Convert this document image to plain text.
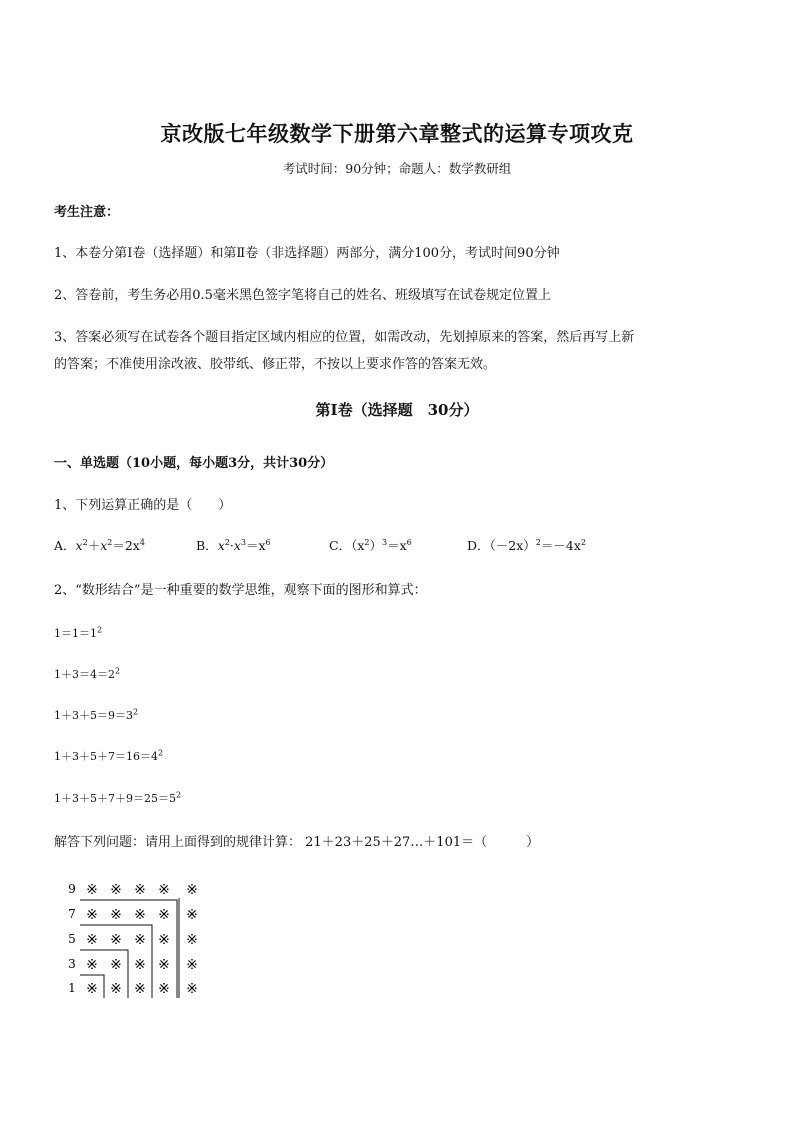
京改版七年级数学下册第六章整式的运算专项攻克
考试时间：90分钟；命题人：数学教研组
考生注意：
1、本卷分第Ⅰ卷（选择题）和第Ⅱ卷（非选择题）两部分，满分100分，考试时间90分钟
2、答卷前，考生务必用0.5毫米黑色签字笔将自己的姓名、班级填写在试卷规定位置上
3、答案必须写在试卷各个题目指定区域内相应的位置，如需改动，先划掉原来的答案，然后再写上新
的答案；不准使用涂改液、胶带纸、修正带，不按以上要求作答的答案无效。
第Ⅰ卷（选择题　30分）
一、单选题（10小题，每小题3分，共计30分）
1、下列运算正确的是（　　）
A．$x^2+x^2=2x^4$	B．$x^2\cdot x^3=x^6$	C．$(x^2)^3=x^6$	D．$(-2x)^2=-4x^2$
2、“数形结合”是一种重要的数学思维，观察下面的图形和算式：
$1=1=1^2$
$1+3=4=2^2$
$1+3+5=9=3^2$
$1+3+5+7=16=4^2$
$1+3+5+7+9=25=5^2$
解答下列问题：请用上面得到的规律计算： 21＋23＋25＋27…＋101＝（　　　）
9
7
5
3
1
※ ※ ※ ※ ※
※ ※ ※ ※ ※
※ ※ ※ ※ ※
※ ※ ※ ※ ※
※ ※ ※ ※ ※
